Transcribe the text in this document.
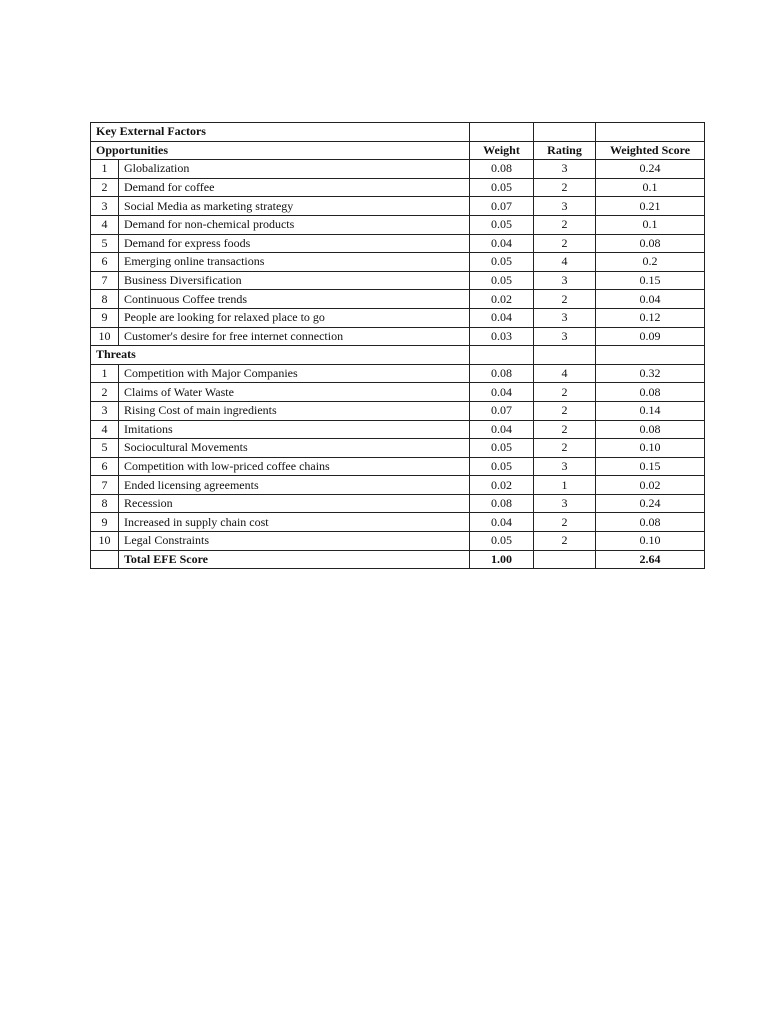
Key External Factors				
Opportunities		Weight	Rating	Weighted Score
1	Globalization	0.08	3	0.24
2	Demand for coffee	0.05	2	0.1
3	Social Media as marketing strategy	0.07	3	0.21
4	Demand for non-chemical products	0.05	2	0.1
5	Demand for express foods	0.04	2	0.08
6	Emerging online transactions	0.05	4	0.2
7	Business Diversification	0.05	3	0.15
8	Continuous Coffee trends	0.02	2	0.04
9	People are looking for relaxed place to go	0.04	3	0.12
10	Customer's desire for free internet connection	0.03	3	0.09
Threats				
1	Competition with Major Companies	0.08	4	0.32
2	Claims of Water Waste	0.04	2	0.08
3	Rising Cost of main ingredients	0.07	2	0.14
4	Imitations	0.04	2	0.08
5	Sociocultural Movements	0.05	2	0.10
6	Competition with low-priced coffee chains	0.05	3	0.15
7	Ended licensing agreements	0.02	1	0.02
8	Recession	0.08	3	0.24
9	Increased in supply chain cost	0.04	2	0.08
10	Legal Constraints	0.05	2	0.10
	Total EFE Score	1.00		2.64
